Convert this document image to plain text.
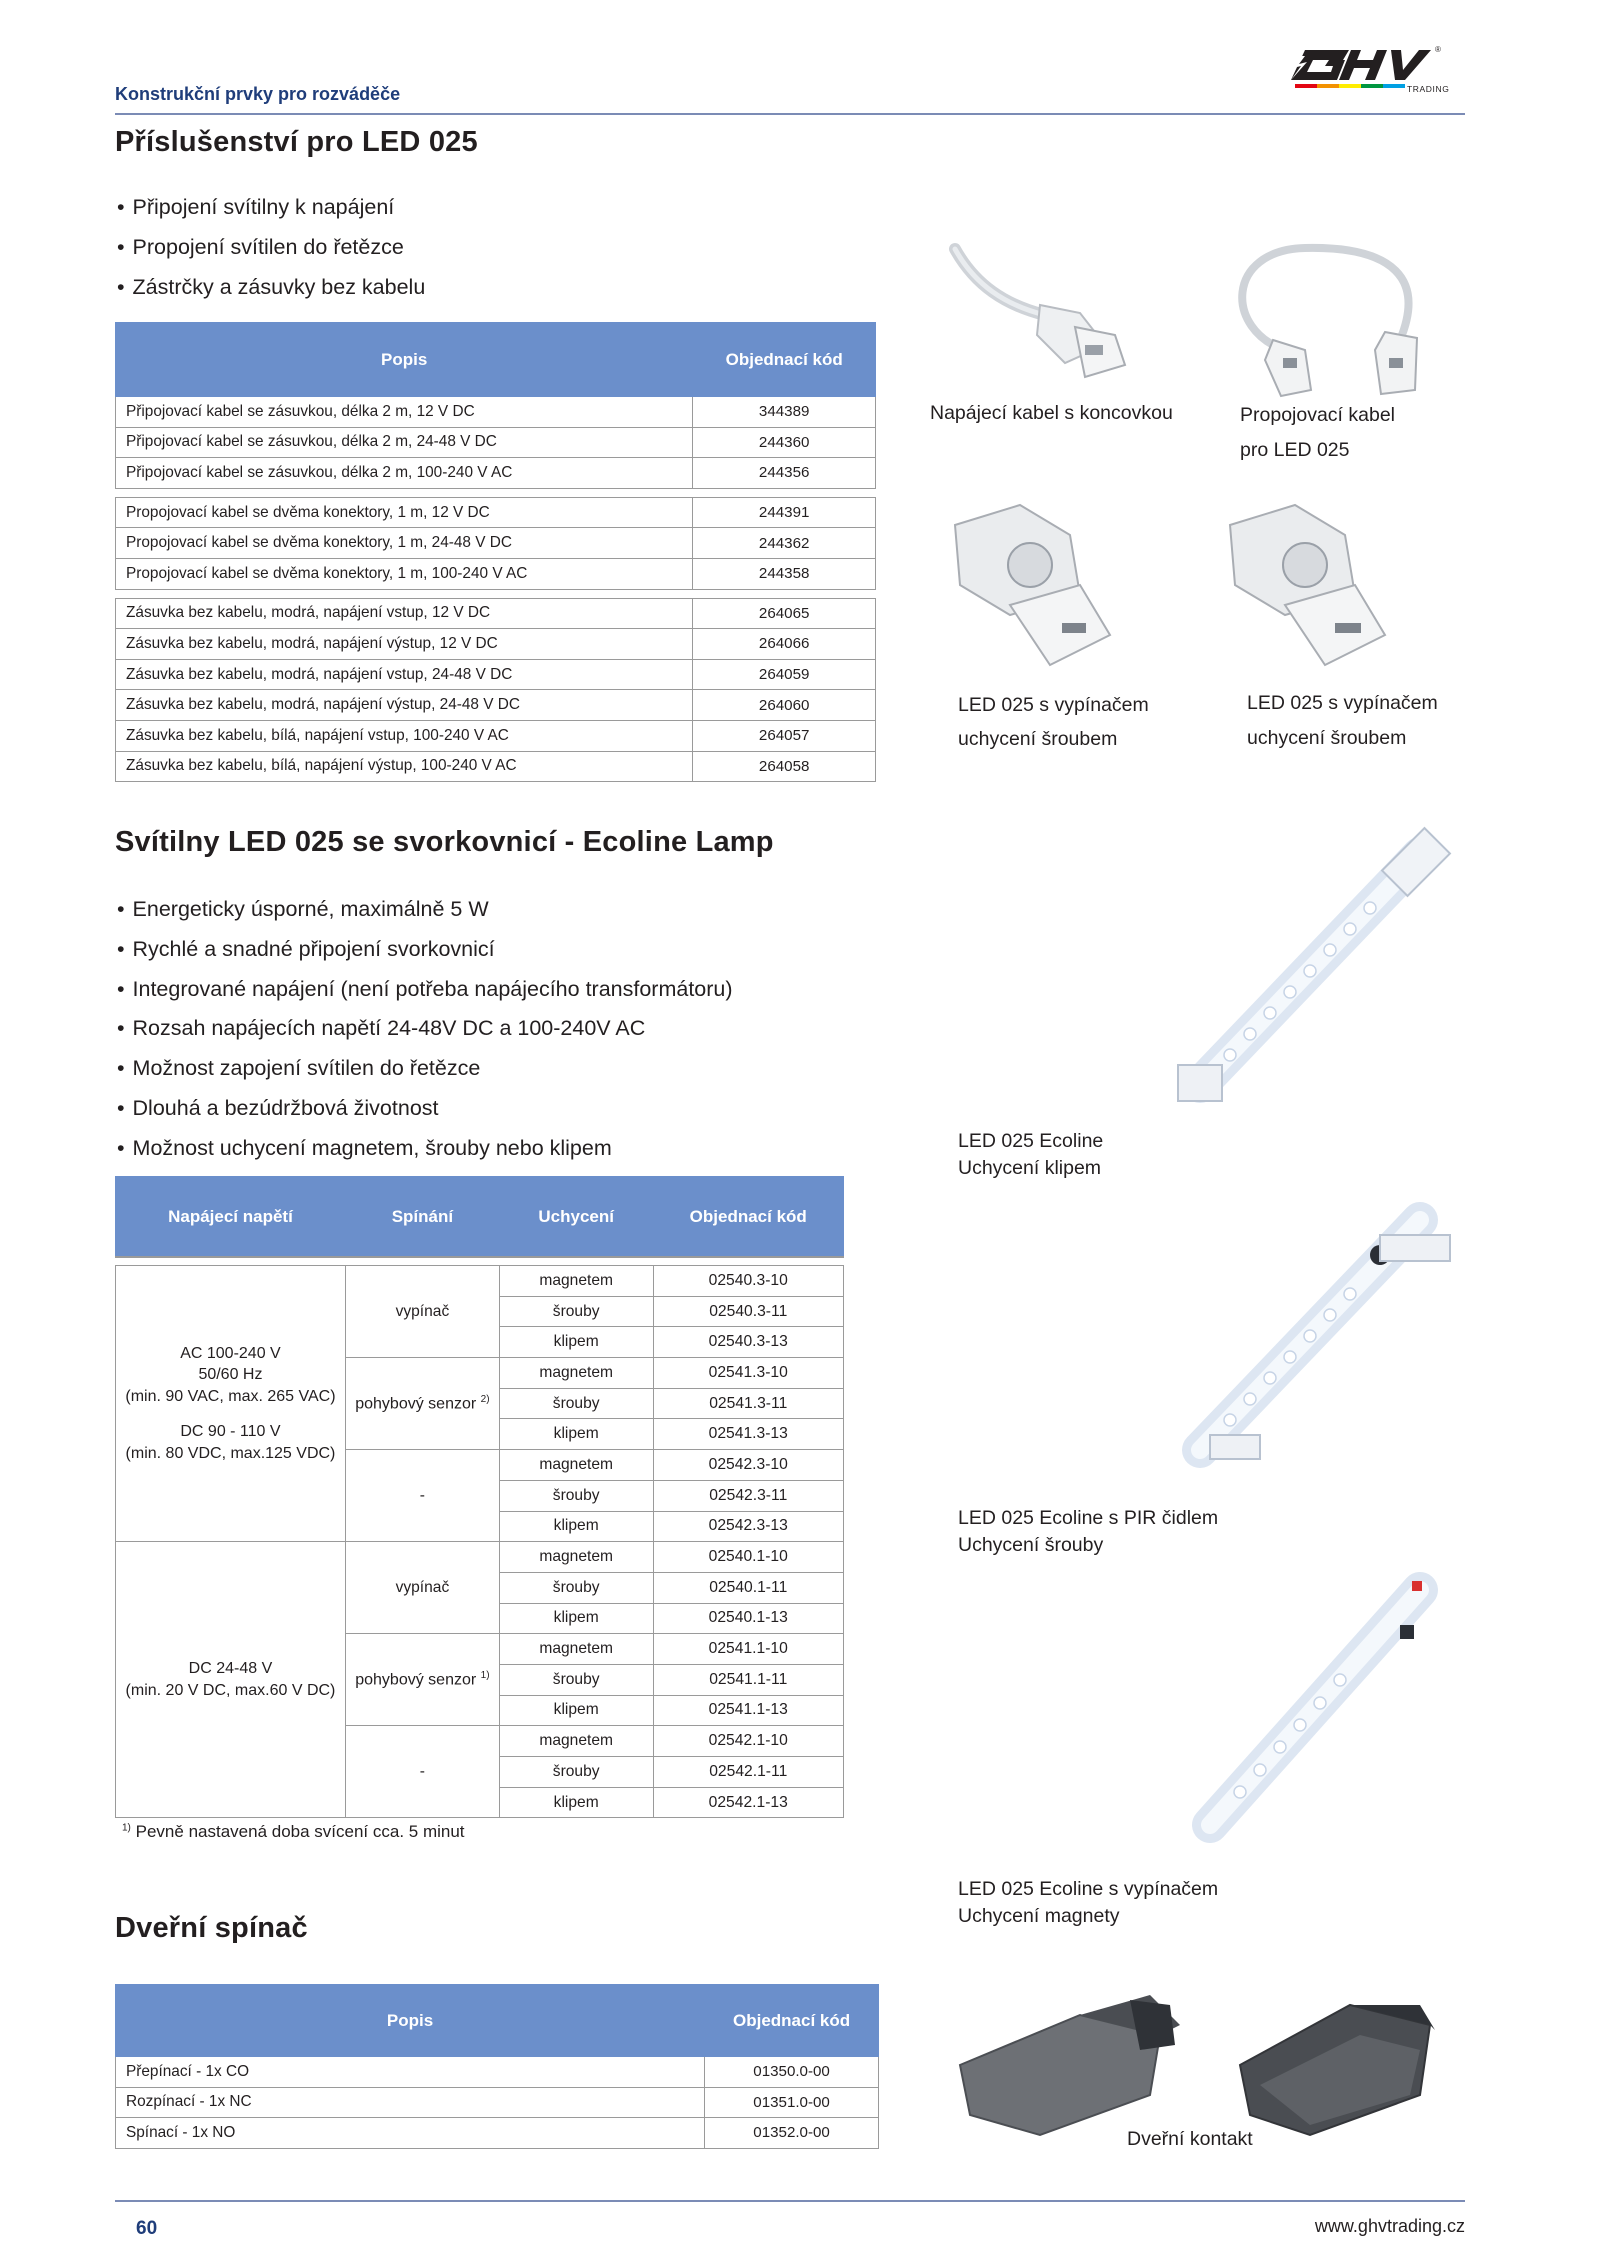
Konstrukční prvky pro rozváděče
®
TRADING
Příslušenství pro LED 025
• Připojení svítilny k napájení
• Propojení svítilen do řetězce
• Zástrčky a zásuvky bez kabelu
Popis	Objednací kód
Připojovací kabel se zásuvkou, délka 2 m, 12 V DC	344389
Připojovací kabel se zásuvkou, délka 2 m, 24-48 V DC	244360
Připojovací kabel se zásuvkou, délka 2 m, 100-240 V AC	244356

Propojovací kabel se dvěma konektory, 1 m, 12 V DC	244391
Propojovací kabel se dvěma konektory, 1 m, 24-48 V DC	244362
Propojovací kabel se dvěma konektory, 1 m, 100-240 V AC	244358

Zásuvka bez kabelu, modrá, napájení vstup, 12 V DC	264065
Zásuvka bez kabelu, modrá, napájení výstup, 12 V DC	264066
Zásuvka bez kabelu, modrá, napájení vstup, 24-48 V DC	264059
Zásuvka bez kabelu, modrá, napájení výstup, 24-48 V DC	264060
Zásuvka bez kabelu, bílá, napájení vstup, 100-240 V AC	264057
Zásuvka bez kabelu, bílá, napájení výstup, 100-240 V AC	264058
Napájecí kabel s koncovkou	Propojovací kabel
pro LED 025
LED 025 s vypínačem
uchycení šroubem
LED 025 s vypínačem
uchycení šroubem
Svítilny LED 025 se svorkovnicí - Ecoline Lamp
• Energeticky úsporné, maximálně 5 W
• Rychlé a snadné připojení svorkovnicí
• Integrované napájení (není potřeba napájecího transformátoru)
• Rozsah napájecích napětí 24-48V DC a 100-240V AC
• Možnost zapojení svítilen do řetězce
• Dlouhá a bezúdržbová životnost
• Možnost uchycení magnetem, šrouby nebo klipem
Napájecí napětí	Spínání	Uchycení	Objednací kód

AC 100-240 V
50/60 Hz
(min. 90 VAC, max. 265 VAC)
DC 90 - 110 V
(min. 80 VDC, max.125 VDC)	vypínač	magnetem	02540.3-10
		šrouby	02540.3-11
		klipem	02540.3-13
	pohybový senzor $^{2)}$	magnetem	02541.3-10
		šrouby	02541.3-11
		klipem	02541.3-13
	-	magnetem	02542.3-10
		šrouby	02542.3-11
		klipem	02542.3-13

DC 24-48 V
(min. 20 V DC, max.60 V DC)	vypínač	magnetem	02540.1-10
		šrouby	02540.1-11
		klipem	02540.1-13
	pohybový senzor $^{1)}$	magnetem	02541.1-10
		šrouby	02541.1-11
		klipem	02541.1-13
	-	magnetem	02542.1-10
		šrouby	02542.1-11
		klipem	02542.1-13
$^{1)}$ Pevně nastavená doba svícení cca. 5 minut
LED 025 Ecoline
Uchycení klipem
LED 025 Ecoline s PIR čidlem
Uchycení šrouby
LED 025 Ecoline s vypínačem
Uchycení magnety
Dveřní spínač
Popis	Objednací kód
Přepínací - 1x CO	01350.0-00
Rozpínací - 1x NC	01351.0-00
Spínací - 1x NO	01352.0-00	Dveřní kontakt
60	www.ghvtrading.cz
